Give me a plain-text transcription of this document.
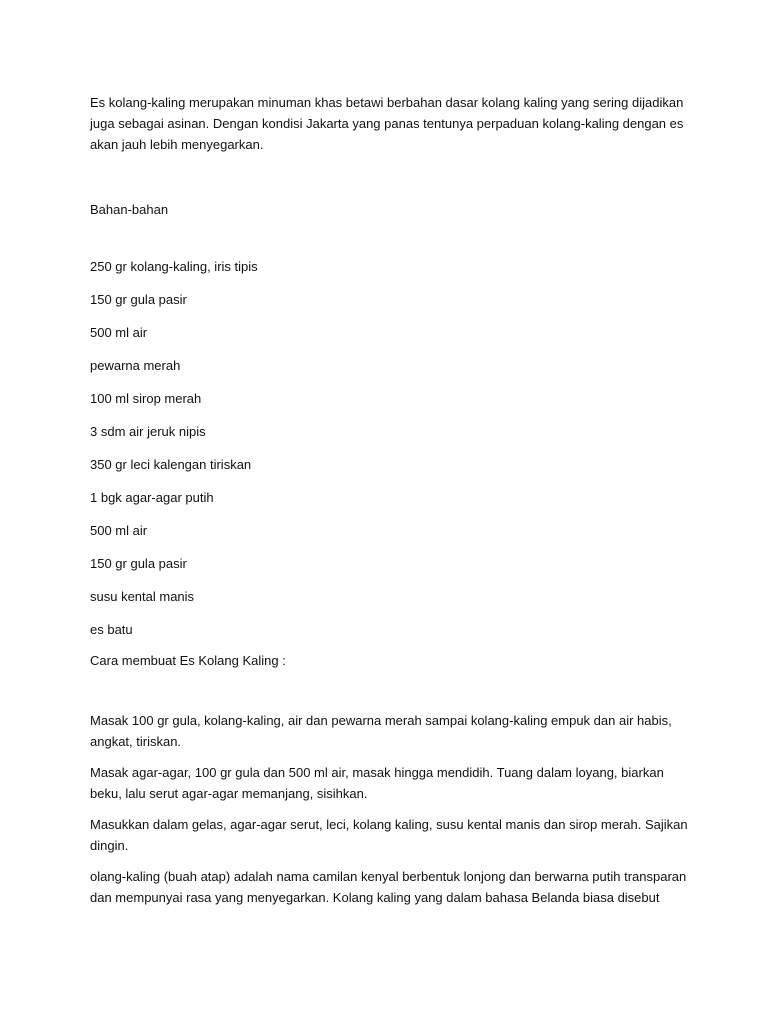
Es kolang-kaling merupakan minuman khas betawi berbahan dasar kolang kaling yang sering dijadikan juga sebagai asinan. Dengan kondisi Jakarta yang panas tentunya perpaduan kolang-kaling dengan es akan jauh lebih menyegarkan.

Bahan-bahan

250 gr kolang-kaling, iris tipis

150 gr gula pasir

500 ml air

pewarna merah

100 ml sirop merah

3 sdm air jeruk nipis

350 gr leci kalengan tiriskan

1 bgk agar-agar putih

500 ml air

150 gr gula pasir

susu kental manis

es batu

Cara membuat Es Kolang Kaling :

Masak 100 gr gula, kolang-kaling, air dan pewarna merah sampai kolang-kaling empuk dan air habis, angkat, tiriskan.

Masak agar-agar, 100 gr gula dan 500 ml air, masak hingga mendidih. Tuang dalam loyang, biarkan beku, lalu serut agar-agar memanjang, sisihkan.

Masukkan dalam gelas, agar-agar serut, leci, kolang kaling, susu kental manis dan sirop merah. Sajikan dingin.

olang-kaling (buah atap) adalah nama camilan kenyal berbentuk lonjong dan berwarna putih transparan dan mempunyai rasa yang menyegarkan. Kolang kaling yang dalam bahasa Belanda biasa disebut
